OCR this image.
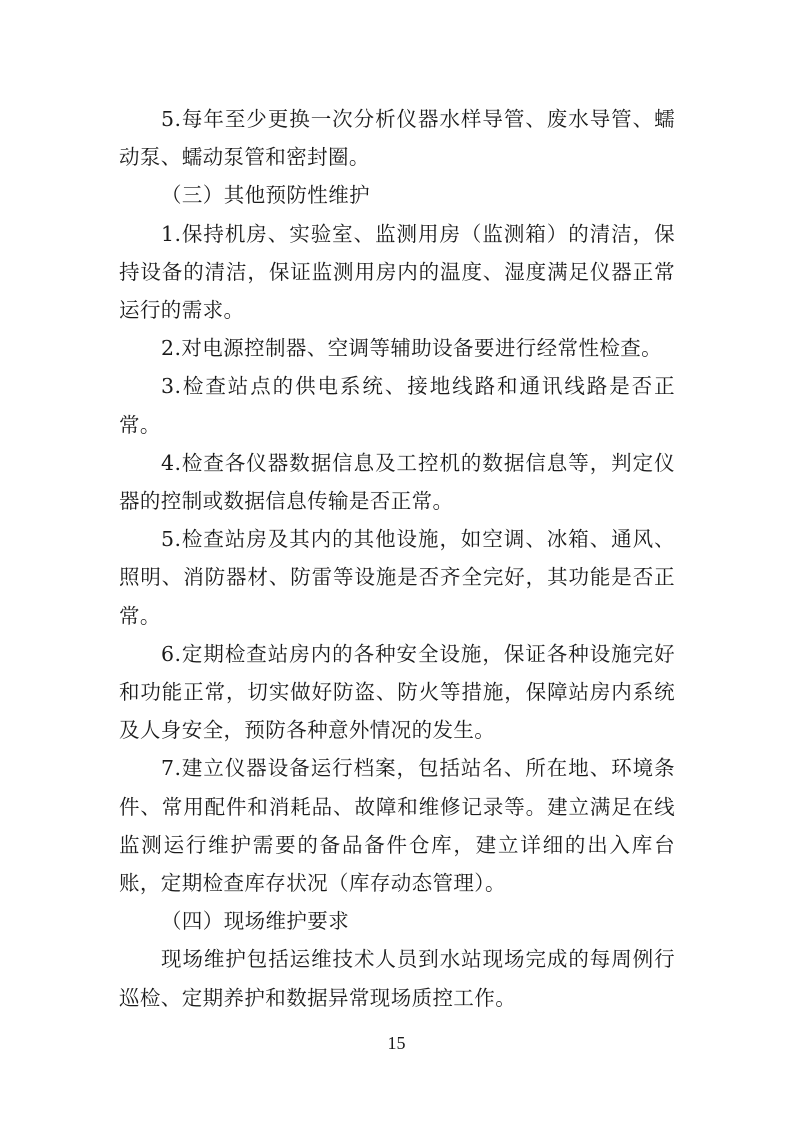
5.每年至少更换一次分析仪器水样导管、废水导管、蠕动泵、蠕动泵管和密封圈。

（三）其他预防性维护

1.保持机房、实验室、监测用房（监测箱）的清洁，保持设备的清洁，保证监测用房内的温度、湿度满足仪器正常运行的需求。

2.对电源控制器、空调等辅助设备要进行经常性检查。

3.检查站点的供电系统、接地线路和通讯线路是否正常。

4.检查各仪器数据信息及工控机的数据信息等，判定仪器的控制或数据信息传输是否正常。

5.检查站房及其内的其他设施，如空调、冰箱、通风、照明、消防器材、防雷等设施是否齐全完好，其功能是否正常。

6.定期检查站房内的各种安全设施，保证各种设施完好和功能正常，切实做好防盗、防火等措施，保障站房内系统及人身安全，预防各种意外情况的发生。

7.建立仪器设备运行档案，包括站名、所在地、环境条件、常用配件和消耗品、故障和维修记录等。建立满足在线监测运行维护需要的备品备件仓库，建立详细的出入库台账，定期检查库存状况（库存动态管理）。

（四）现场维护要求

现场维护包括运维技术人员到水站现场完成的每周例行巡检、定期养护和数据异常现场质控工作。

15
